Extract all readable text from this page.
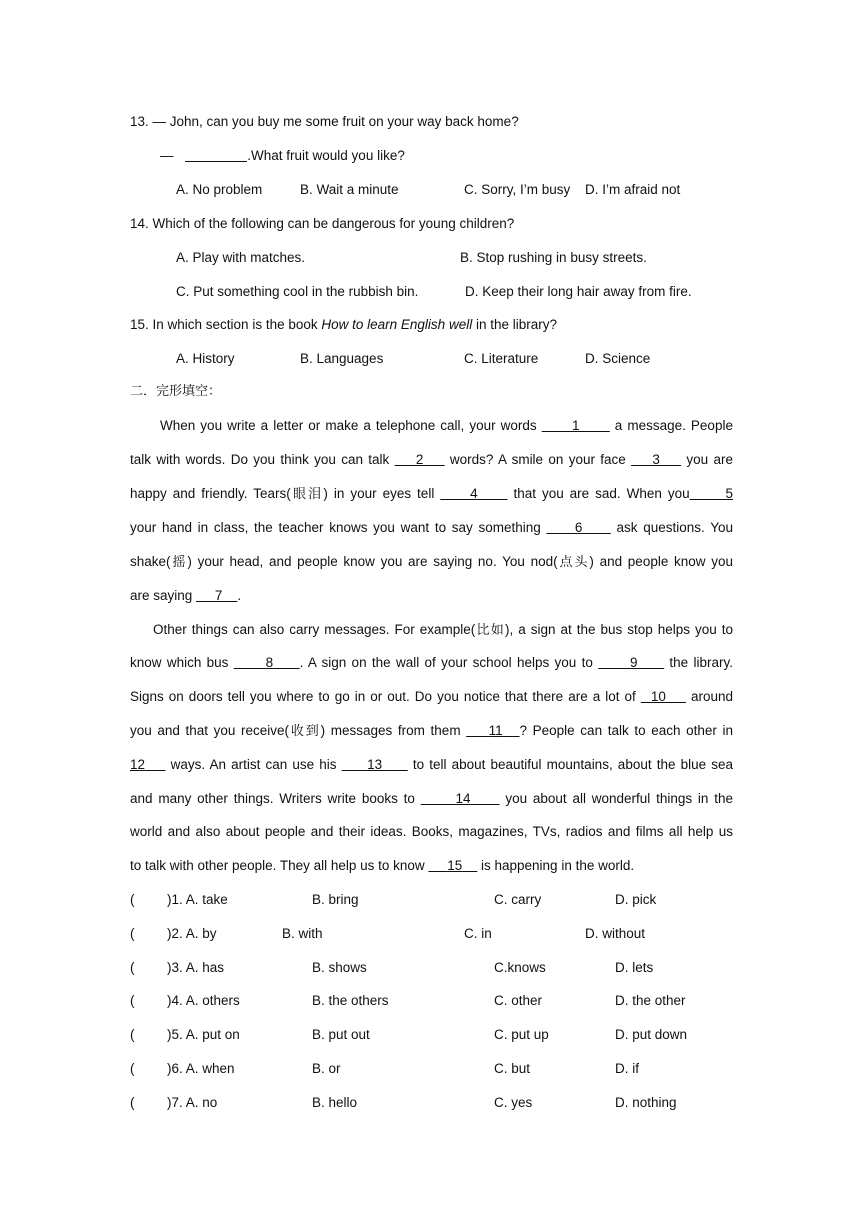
13. — John, can you buy me some fruit on your way back home?
—	.What fruit would you like?
A. No problem	B. Wait a minute	C. Sorry, I’m busy D. I’m afraid not
14. Which of the following can be dangerous for young children?
A. Play with matches.	B. Stop rushing in busy streets.
C. Put something cool in the rubbish bin.	D. Keep their long hair away from fire.
15. In which section is the book How to learn English well in the library?
A. History	B. Languages	C. Literature	D. Science
二．完形填空：
When you write a letter or make a telephone call, your words       1	a message. People
talk with words. Do you think you can talk     2     words? A smile on your face     3     you are
happy and friendly. Tears(眼泪) in your eyes tell      4	that you are sad. When you	5
your hand in class, the teacher knows you want to say something      6	ask questions. You
shake(摇) your head, and people know you are saying no. You nod(点头) and people know you
are saying      7 .
Other things can also carry messages. For example(比如), a sign at the bus stop helps you to
know which bus       8 . A sign on the wall of your school helps you to       9      the library.
Signs on doors tell you where to go in or out. Do you notice that there are a lot of   10     around
you and that you receive(收到) messages from them     11 ? People can talk to each other in
12     ways. An artist can use his      13      to tell about beautiful mountains, about the blue sea
and many other things. Writers write books to	14	you about all wonderful things in the
world and also about people and their ideas. Books, magazines, TVs, radios and films all help us
to talk with other people. They all help us to know      15     is happening in the world.
( )1. A. take	B. bring	C. carry	D. pick
( )2. A. by	B. with	C. in	D. without
( )3. A. has	B. shows	C.knows	D. lets
( )4. A. others	B. the others	C. other	D. the other
( )5. A. put on	B. put out	C. put up	D. put down
( )6. A. when	B. or	C. but	D. if
( )7. A. no	B. hello	C. yes	D. nothing
